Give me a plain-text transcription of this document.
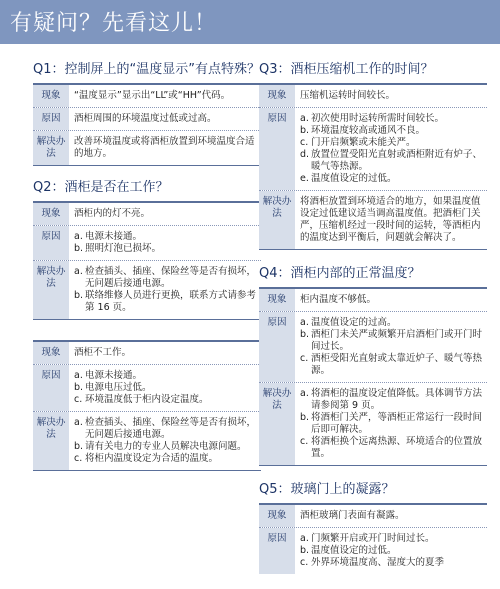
有疑问？先看这儿！
Q1：控制屏上的“温度显示”有点特殊？
现象	“温度显示”显示出“LL”或“HH”代码。
原因	酒柜周围的环境温度过低或过高。
解决办法
改善环境温度或将酒柜放置到环境温度合适的地方。
Q2：酒柜是否在工作？
现象	酒柜内的灯不亮。
原因	a. 电源未接通。
b. 照明灯泡已损坏。
解决办法
a. 检查插头、插座、保险丝等是否有损坏，无问题后接通电源。
b. 联络维修人员进行更换，联系方式请参考第 16 页。
现象	酒柜不工作。
原因	a. 电源未接通。
b. 电源电压过低。
c. 环境温度低于柜内设定温度。
解决办法
a. 检查插头、插座、保险丝等是否有损坏，无问题后接通电源。
b. 请有关电力的专业人员解决电源问题。
c. 将柜内温度设定为合适的温度。
Q3：酒柜压缩机工作的时间？
现象	压缩机运转时间较长。
原因	a. 初次使用时运转所需时间较长。
b. 环境温度较高或通风不良。
c. 门开启频繁或未能关严。
d. 放置位置受阳光直射或酒柜附近有炉子、暖气等热源。
e. 温度值设定的过低。
解决办法
将酒柜放置到环境适合的地方，如果温度值设定过低建议适当调高温度值。把酒柜门关严，压缩机经过一段时间的运转，等酒柜内的温度达到平衡后，问题就会解决了。
Q4：酒柜内部的正常温度？
现象	柜内温度不够低。
原因	a. 温度值设定的过高。
b. 酒柜门未关严或频繁开启酒柜门或开门时间过长。
c. 酒柜受阳光直射或太靠近炉子、暖气等热源。
解决办法
a. 将酒柜的温度设定值降低。具体调节方法请参阅第 9 页。
b. 将酒柜门关严，等酒柜正常运行一段时间后即可解决。
c. 将酒柜换个远离热源、环境适合的位置放置。
Q5：玻璃门上的凝露？
现象	酒柜玻璃门表面有凝露。
原因	a. 门频繁开启或开门时间过长。
b. 温度值设定的过低。
c. 外界环境温度高、湿度大的夏季
